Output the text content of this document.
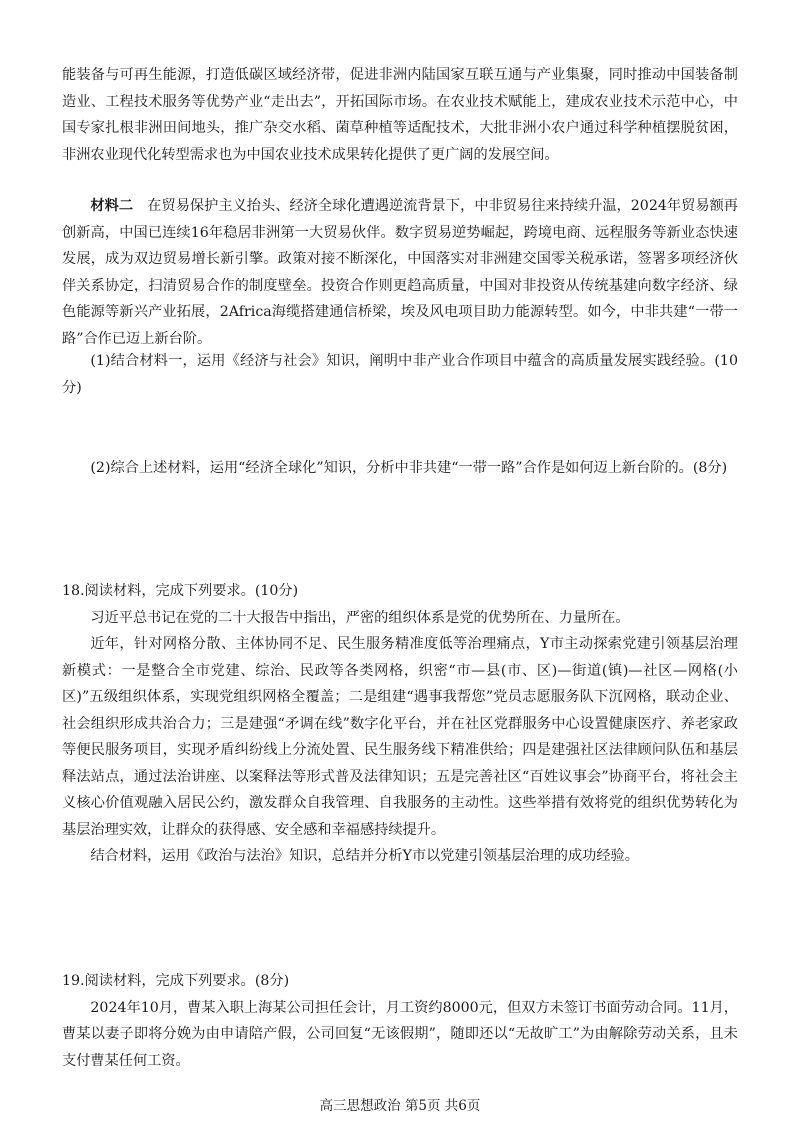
能装备与可再生能源，打造低碳区域经济带，促进非洲内陆国家互联互通与产业集聚，同时推动中国装备制造业、工程技术服务等优势产业“走出去”，开拓国际市场。在农业技术赋能上，建成农业技术示范中心，中国专家扎根非洲田间地头，推广杂交水稻、菌草种植等适配技术，大批非洲小农户通过科学种植摆脱贫困，非洲农业现代化转型需求也为中国农业技术成果转化提供了更广阔的发展空间。

材料二 在贸易保护主义抬头、经济全球化遭遇逆流背景下，中非贸易往来持续升温，2024年贸易额再创新高，中国已连续16年稳居非洲第一大贸易伙伴。数字贸易逆势崛起，跨境电商、远程服务等新业态快速发展，成为双边贸易增长新引擎。政策对接不断深化，中国落实对非洲建交国零关税承诺，签署多项经济伙伴关系协定，扫清贸易合作的制度壁垒。投资合作则更趋高质量，中国对非投资从传统基建向数字经济、绿色能源等新兴产业拓展，2Africa海缆搭建通信桥梁，埃及风电项目助力能源转型。如今，中非共建“一带一路”合作已迈上新台阶。

(1)结合材料一，运用《经济与社会》知识，阐明中非产业合作项目中蕴含的高质量发展实践经验。(10分)

(2)综合上述材料，运用“经济全球化”知识，分析中非共建“一带一路”合作是如何迈上新台阶的。(8分)

18.阅读材料，完成下列要求。(10分)

习近平总书记在党的二十大报告中指出，严密的组织体系是党的优势所在、力量所在。

近年，针对网格分散、主体协同不足、民生服务精准度低等治理痛点，Y市主动探索党建引领基层治理新模式：一是整合全市党建、综治、民政等各类网格，织密“市—县(市、区)—街道(镇)—社区—网格(小区)”五级组织体系，实现党组织网格全覆盖；二是组建“遇事我帮您”党员志愿服务队下沉网格，联动企业、社会组织形成共治合力；三是建强“矛调在线”数字化平台，并在社区党群服务中心设置健康医疗、养老家政等便民服务项目，实现矛盾纠纷线上分流处置、民生服务线下精准供给；四是建强社区法律顾问队伍和基层释法站点，通过法治讲座、以案释法等形式普及法律知识；五是完善社区“百姓议事会”协商平台，将社会主义核心价值观融入居民公约，激发群众自我管理、自我服务的主动性。这些举措有效将党的组织优势转化为基层治理实效，让群众的获得感、安全感和幸福感持续提升。

结合材料，运用《政治与法治》知识，总结并分析Y市以党建引领基层治理的成功经验。

19.阅读材料，完成下列要求。(8分)

2024年10月，曹某入职上海某公司担任会计，月工资约8000元，但双方未签订书面劳动合同。11月，曹某以妻子即将分娩为由申请陪产假，公司回复“无该假期”，随即还以“无故旷工”为由解除劳动关系，且未支付曹某任何工资。

高三思想政治 第5页 共6页
